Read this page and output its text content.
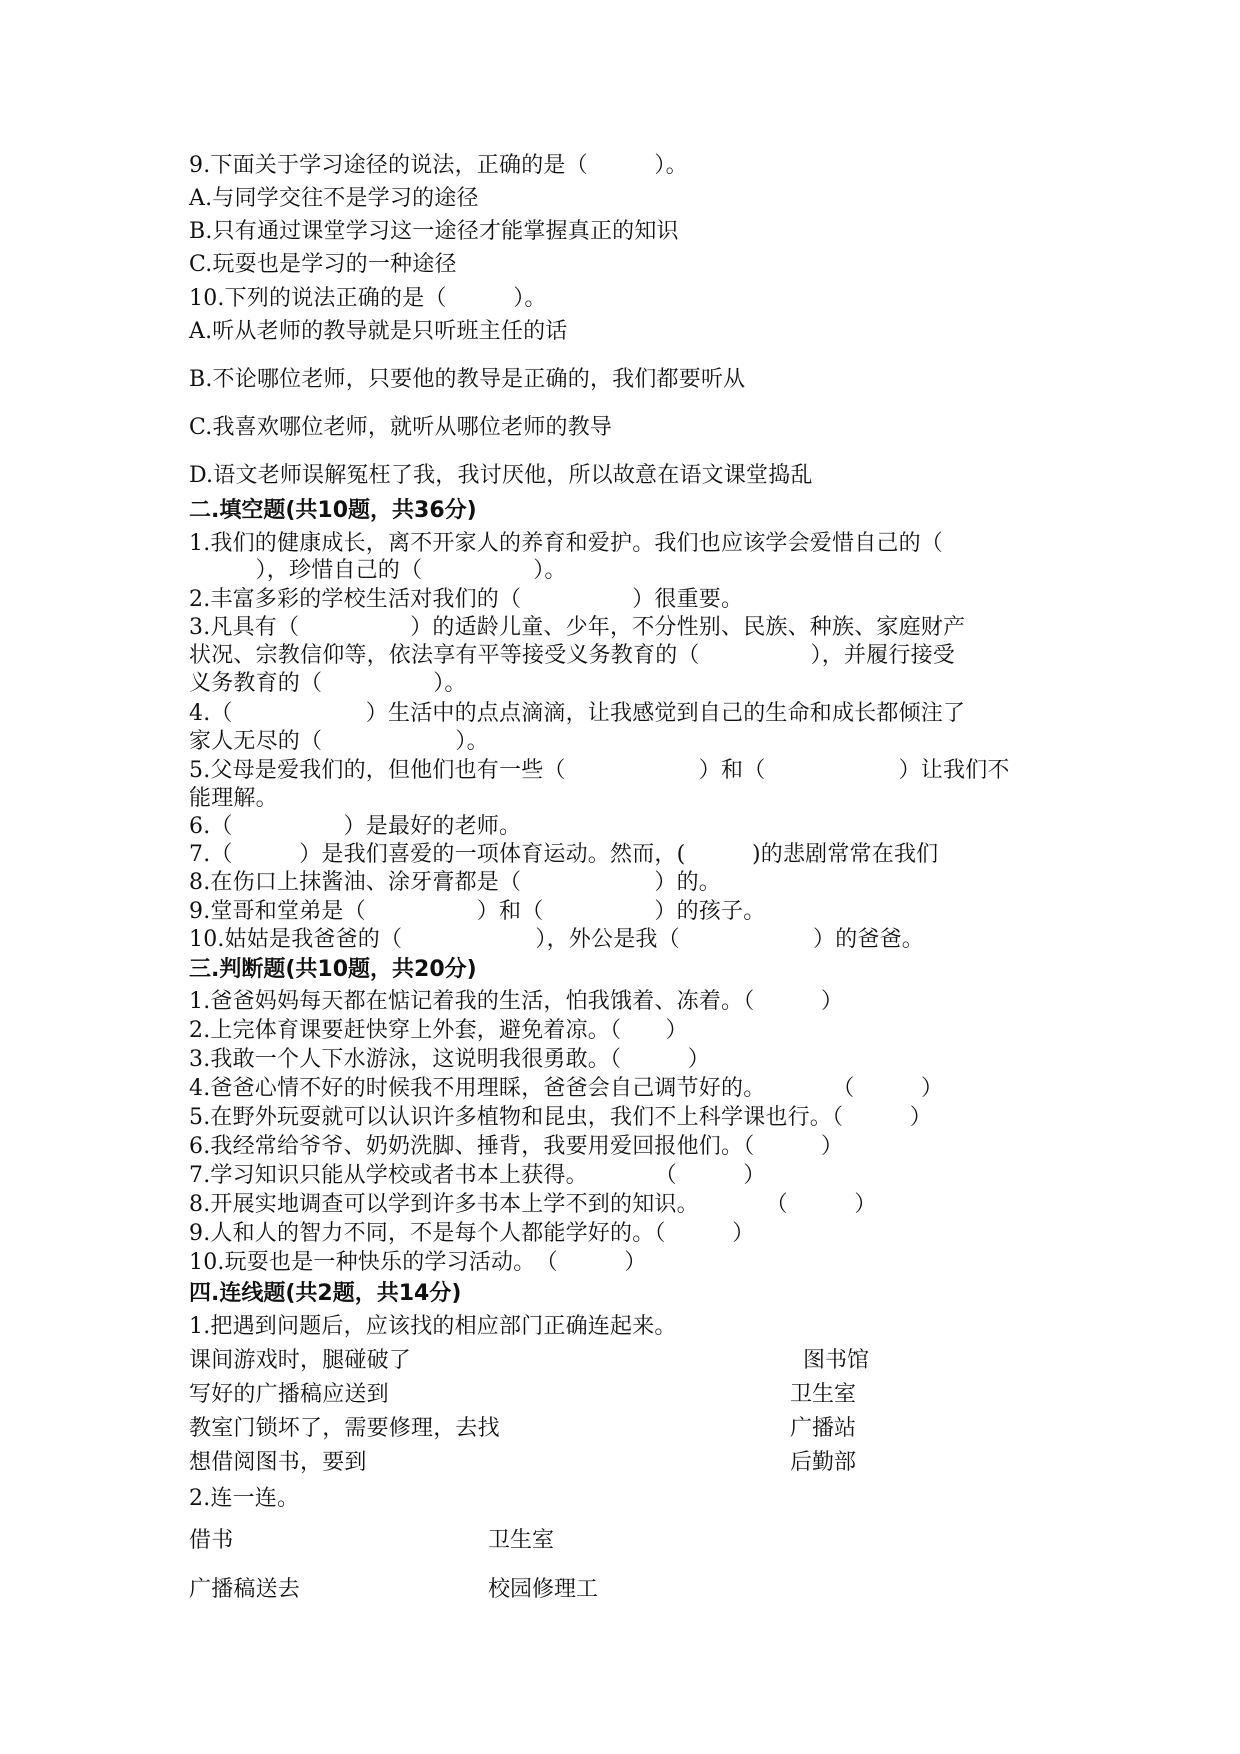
9.下面关于学习途径的说法，正确的是（　　　）。
A.与同学交往不是学习的途径
B.只有通过课堂学习这一途径才能掌握真正的知识
C.玩耍也是学习的一种途径
10.下列的说法正确的是（　　　）。
A.听从老师的教导就是只听班主任的话
B.不论哪位老师，只要他的教导是正确的，我们都要听从
C.我喜欢哪位老师，就听从哪位老师的教导
D.语文老师误解冤枉了我，我讨厌他，所以故意在语文课堂捣乱
二.填空题(共10题，共36分)
1.我们的健康成长，离不开家人的养育和爱护。我们也应该学会爱惜自己的（
　　　），珍惜自己的（　　　　　）。
2.丰富多彩的学校生活对我们的（　　　　　）很重要。
3.凡具有（　　　　　）的适龄儿童、少年，不分性别、民族、种族、家庭财产
状况、宗教信仰等，依法享有平等接受义务教育的（　　　　　），并履行接受
义务教育的（　　　　　）。
4.（　　　　　　）生活中的点点滴滴，让我感觉到自己的生命和成长都倾注了
家人无尽的（　　　　　　）。
5.父母是爱我们的，但他们也有一些（　　　　　　）和（　　　　　　）让我们不
能理解。
6.（　　　　　）是最好的老师。
7.（　　　）是我们喜爱的一项体育运动。然而，(　　　)的悲剧常常在我们
8.在伤口上抹酱油、涂牙膏都是（　　　　　　）的。
9.堂哥和堂弟是（　　　　　）和（　　　　　）的孩子。
10.姑姑是我爸爸的（　　　　　　），外公是我（　　　　　　）的爸爸。
三.判断题(共10题，共20分)
1.爸爸妈妈每天都在惦记着我的生活，怕我饿着、冻着。（　　　）
2.上完体育课要赶快穿上外套，避免着凉。（　　）
3.我敢一个人下水游泳，这说明我很勇敢。（　　　）
4.爸爸心情不好的时候我不用理睬，爸爸会自己调节好的。　　　　（　　　）
5.在野外玩耍就可以认识许多植物和昆虫，我们不上科学课也行。（　　　）
6.我经常给爷爷、奶奶洗脚、捶背，我要用爱回报他们。（　　　）
7.学习知识只能从学校或者书本上获得。　　　　（　　　）
8.开展实地调查可以学到许多书本上学不到的知识。　　　　（　　　）
9.人和人的智力不同，不是每个人都能学好的。（　　　）
10.玩耍也是一种快乐的学习活动。　（　　　）
四.连线题(共2题，共14分)
1.把遇到问题后，应该找的相应部门正确连起来。
课间游戏时，腿碰破了	图书馆
写好的广播稿应送到	卫生室
教室门锁坏了，需要修理，去找	广播站
想借阅图书，要到	后勤部
2.连一连。
借书	卫生室
广播稿送去	校园修理工
